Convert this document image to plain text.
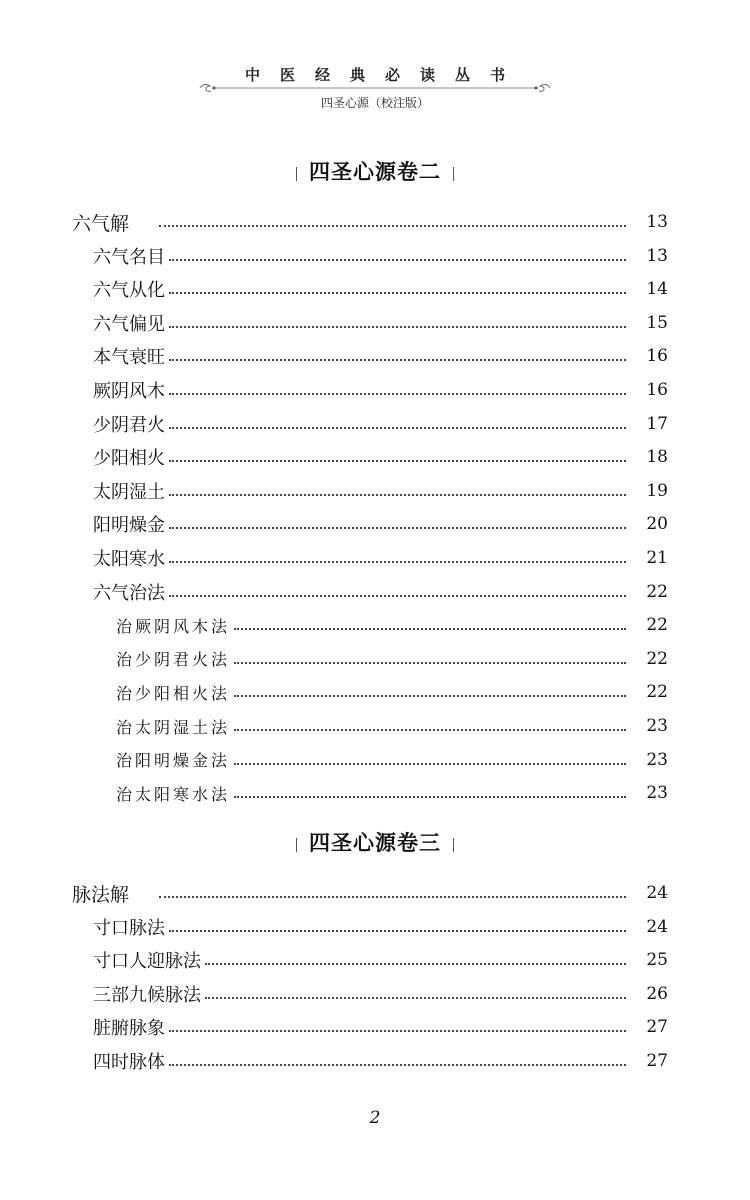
中医经典必读丛书
四圣心源（校注版）
四圣心源卷二
六气解	13
六气名目	13
六气从化	14
六气偏见	15
本气衰旺	16
厥阴风木	16
少阴君火	17
少阳相火	18
太阴湿土	19
阳明燥金	20
太阳寒水	21
六气治法	22
治厥阴风木法	22
治少阴君火法	22
治少阳相火法	22
治太阴湿土法	23
治阳明燥金法	23
治太阳寒水法	23
四圣心源卷三
脉法解	24
寸口脉法	24
寸口人迎脉法	25
三部九候脉法	26
脏腑脉象	27
四时脉体	27
2
